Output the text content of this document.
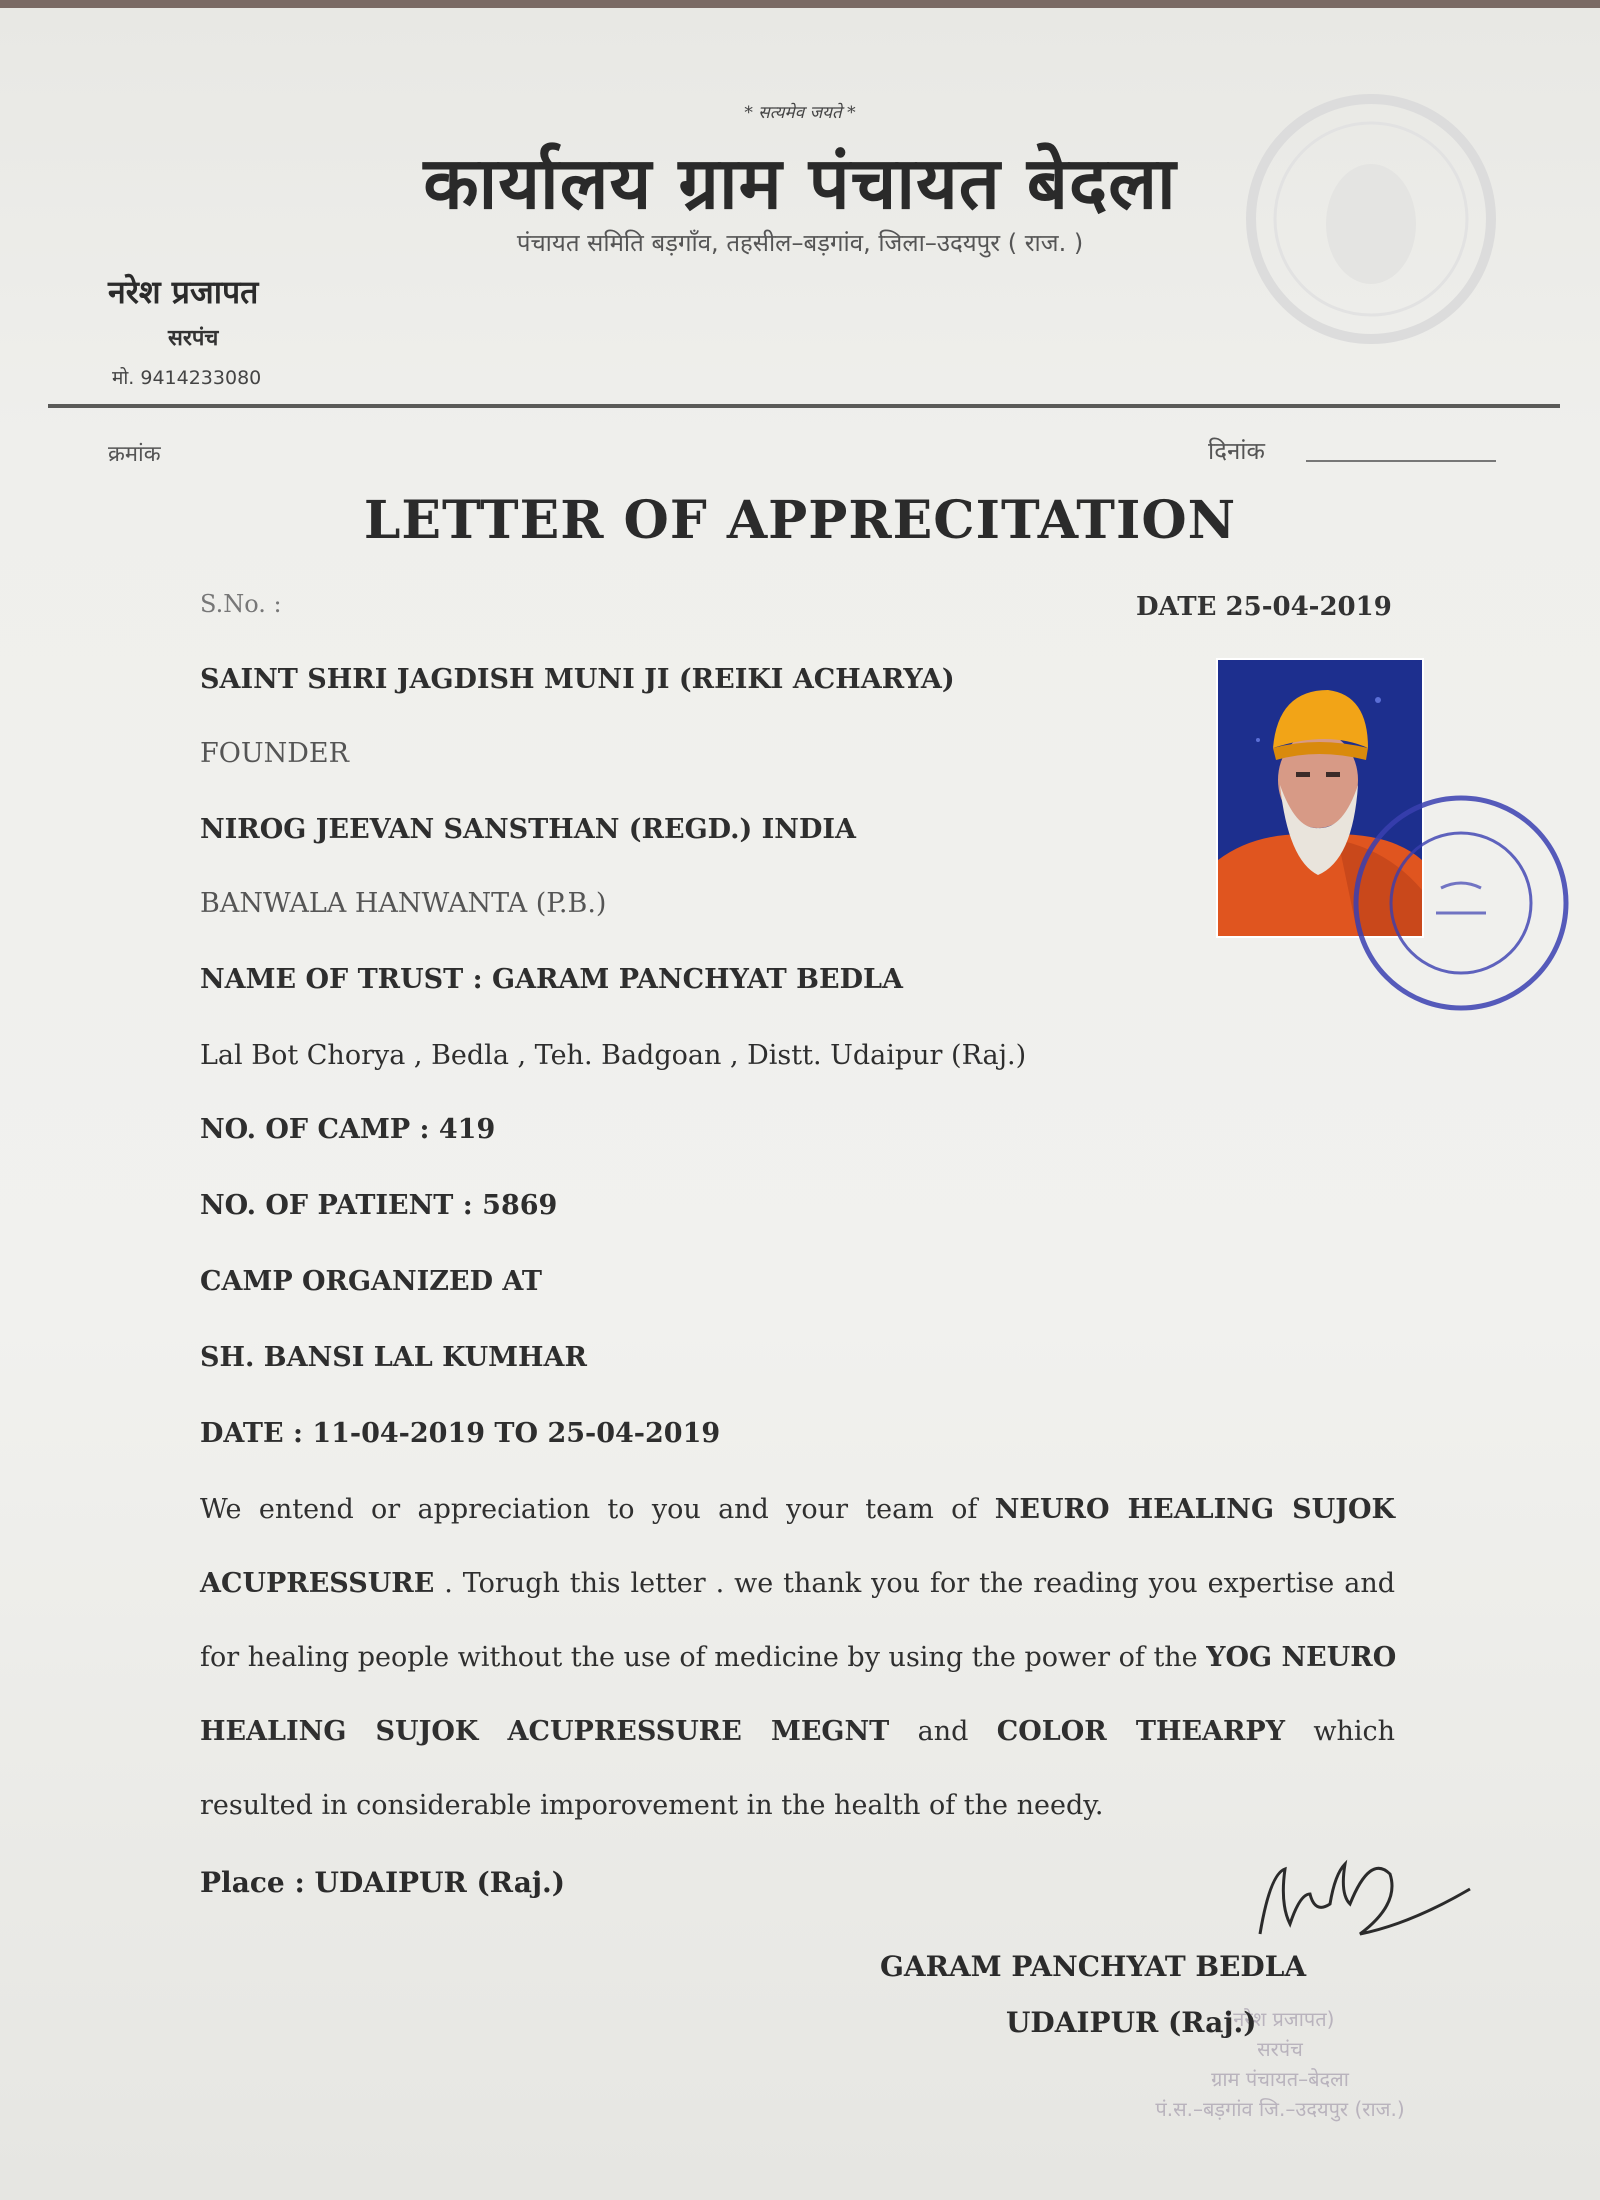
* सत्यमेव जयते *
कार्यालय ग्राम पंचायत बेदला
पंचायत समिति बड़गाँव, तहसील–बड़गांव, जिला–उदयपुर ( राज. )
नरेश प्रजापत
सरपंच
मो. 9414233080
क्रमांक	दिनांक
LETTER OF APPRECITATION
S.No. :	DATE 25-04-2019
SAINT SHRI JAGDISH MUNI JI (REIKI ACHARYA)
FOUNDER
NIROG JEEVAN SANSTHAN (REGD.) INDIA
BANWALA HANWANTA (P.B.)
NAME OF TRUST : GARAM PANCHYAT BEDLA
Lal Bot Chorya , Bedla , Teh. Badgoan , Distt. Udaipur (Raj.)
NO. OF CAMP : 419
NO. OF PATIENT : 5869
CAMP ORGANIZED AT
SH. BANSI LAL KUMHAR
DATE : 11-04-2019 TO 25-04-2019
We entend or appreciation to you and your team of NEURO HEALING SUJOK
ACUPRESSURE . Torugh this letter . we thank you for the reading you expertise and
for healing people without the use of medicine by using the power of the YOG NEURO
HEALING SUJOK ACUPRESSURE MEGNT and COLOR THEARPY which
resulted in considerable imporovement in the health of the needy.
Place : UDAIPUR (Raj.)
(नरेश प्रजापत)
सरपंच
ग्राम पंचायत–बेदला
पं.स.–बड़गांव जि.–उदयपुर (राज.)
GARAM PANCHYAT BEDLA
UDAIPUR (Raj.)
